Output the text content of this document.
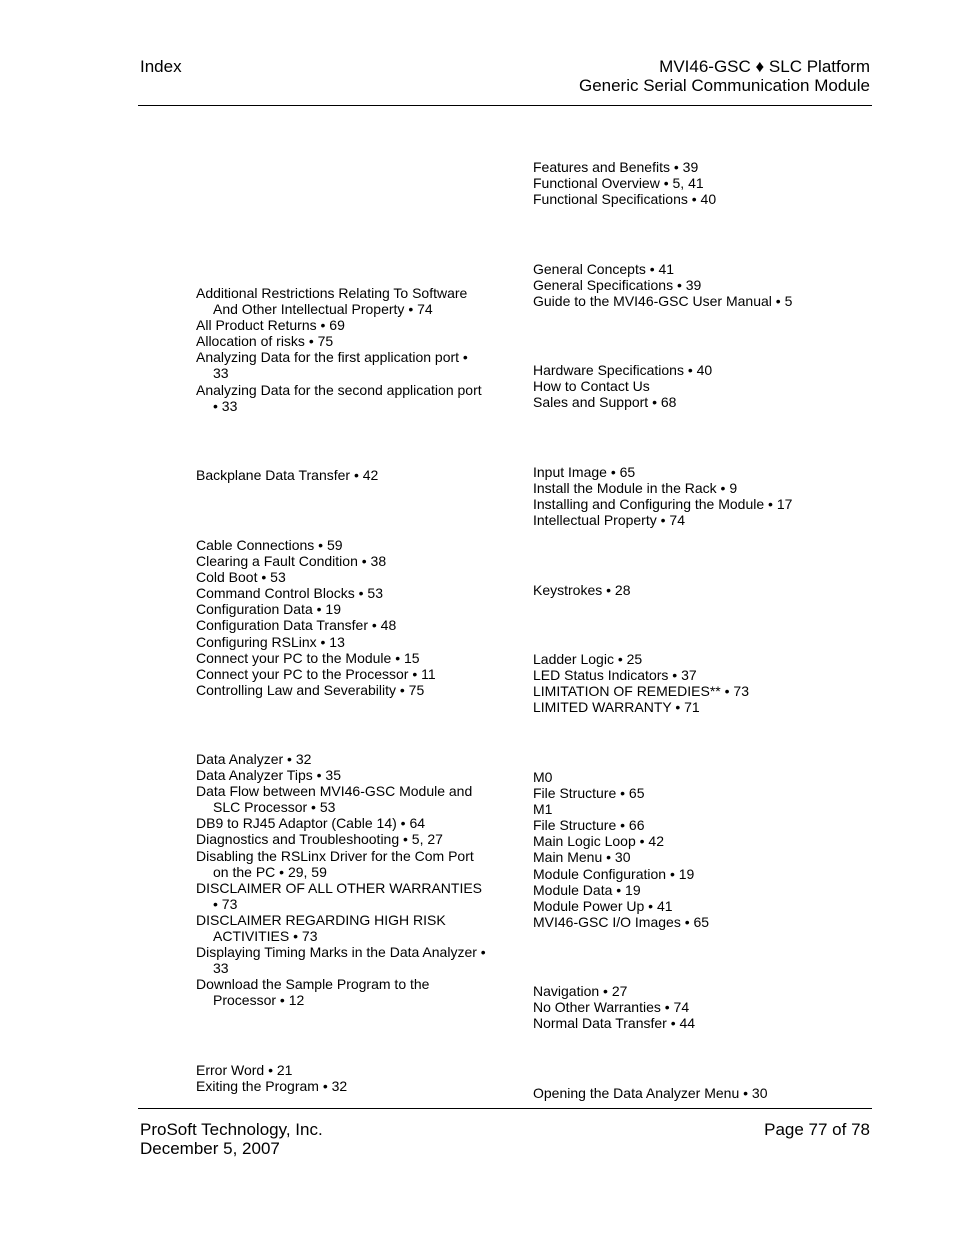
Index	MVI46-GSC ♦ SLC Platform
Generic Serial Communication Module
Additional Restrictions Relating To Software And Other Intellectual Property • 74
All Product Returns • 69
Allocation of risks • 75
Analyzing Data for the first application port • 33
Analyzing Data for the second application port • 33
Backplane Data Transfer • 42
Cable Connections • 59
Clearing a Fault Condition • 38
Cold Boot • 53
Command Control Blocks • 53
Configuration Data • 19
Configuration Data Transfer • 48
Configuring RSLinx • 13
Connect your PC to the Module • 15
Connect your PC to the Processor • 11
Controlling Law and Severability • 75
Data Analyzer • 32
Data Analyzer Tips • 35
Data Flow between MVI46-GSC Module and SLC Processor • 53
DB9 to RJ45 Adaptor (Cable 14) • 64
Diagnostics and Troubleshooting • 5, 27
Disabling the RSLinx Driver for the Com Port on the PC • 29, 59
DISCLAIMER OF ALL OTHER WARRANTIES • 73
DISCLAIMER REGARDING HIGH RISK ACTIVITIES • 73
Displaying Timing Marks in the Data Analyzer • 33
Download the Sample Program to the Processor • 12
Error Word • 21
Exiting the Program • 32
Features and Benefits • 39
Functional Overview • 5, 41
Functional Specifications • 40
General Concepts • 41
General Specifications • 39
Guide to the MVI46-GSC User Manual • 5
Hardware Specifications • 40
How to Contact Us
Sales and Support • 68
Input Image • 65
Install the Module in the Rack • 9
Installing and Configuring the Module • 17
Intellectual Property • 74
Keystrokes • 28
Ladder Logic • 25
LED Status Indicators • 37
LIMITATION OF REMEDIES** • 73
LIMITED WARRANTY • 71
M0
File Structure • 65
M1
File Structure • 66
Main Logic Loop • 42
Main Menu • 30
Module Configuration • 19
Module Data • 19
Module Power Up • 41
MVI46-GSC I/O Images • 65
Navigation • 27
No Other Warranties • 74
Normal Data Transfer • 44
Opening the Data Analyzer Menu • 30
ProSoft Technology, Inc.
December 5, 2007
Page 77 of 78
